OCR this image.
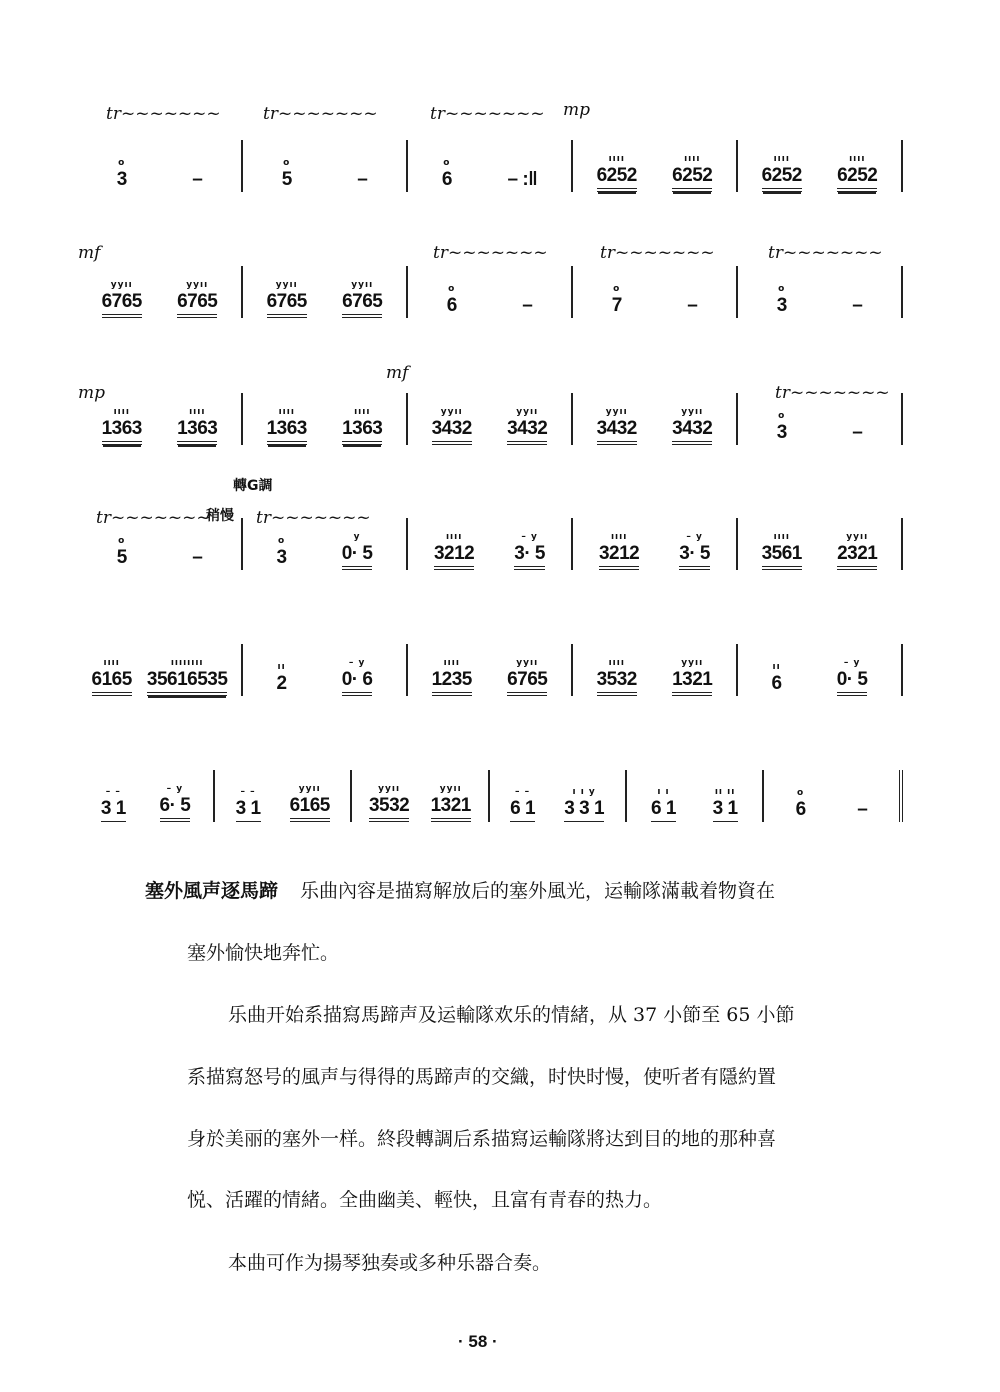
tr~~~~~~~ tr~~~~~~~	tr~~~~~~~ mp
o
3	–
o
5	–
o
6	– :‖
ıııı
6252
ıııı
6252
ıııı
6252
ıııı
6252
mf	tr~~~~~~~	tr~~~~~~~	tr~~~~~~~
yyıı
6765
yyıı
6765
yyıı
6765
yyıı
6765
o
6	–
o
7	–
o
3	–
mp
mf
tr~~~~~~~
ıııı
1363
ıııı
1363
ıııı
1363
ıııı
1363
yyıı
3432
yyıı
3432
yyıı
3432
yyıı
3432
o
3	–
tr~~~~~~~
稍慢
轉G調
tr~~~~~~~
o
5	–
o
3
y
0· 5
ıııı
3212
– y
3· 5
ıııı
3212
– y
3· 5
ıııı
3561
yyıı
2321
ıııı
6165
ıııııııı
35616535
ıı
2
– y
0· 6
ıııı
1235
yyıı
6765
ıııı
3532
yyıı
1321
ıı
6
– y
0· 5
– –
3 1
– y
6· 5
– –
3 1
yyıı
6165
yyıı
3532
yyıı
1321
– –
6 1
ı ı y
3 3 1
ı ı
6 1
ıı ıı
3 1
o
6	–
塞外風声逐馬蹄 乐曲內容是描寫解放后的塞外風光，运輸隊滿載着物資在
塞外愉快地奔忙。
乐曲开始系描寫馬蹄声及运輸隊欢乐的情緒，从 37 小節至 65 小節
系描寫怒号的風声与得得的馬蹄声的交織，时快时慢，使听者有隱約置
身於美丽的塞外一样。終段轉調后系描寫运輸隊將达到目的地的那种喜
悦、活躍的情緒。全曲幽美、輕快，且富有青春的热力。
本曲可作为揚琴独奏或多种乐器合奏。
· 58 ·
